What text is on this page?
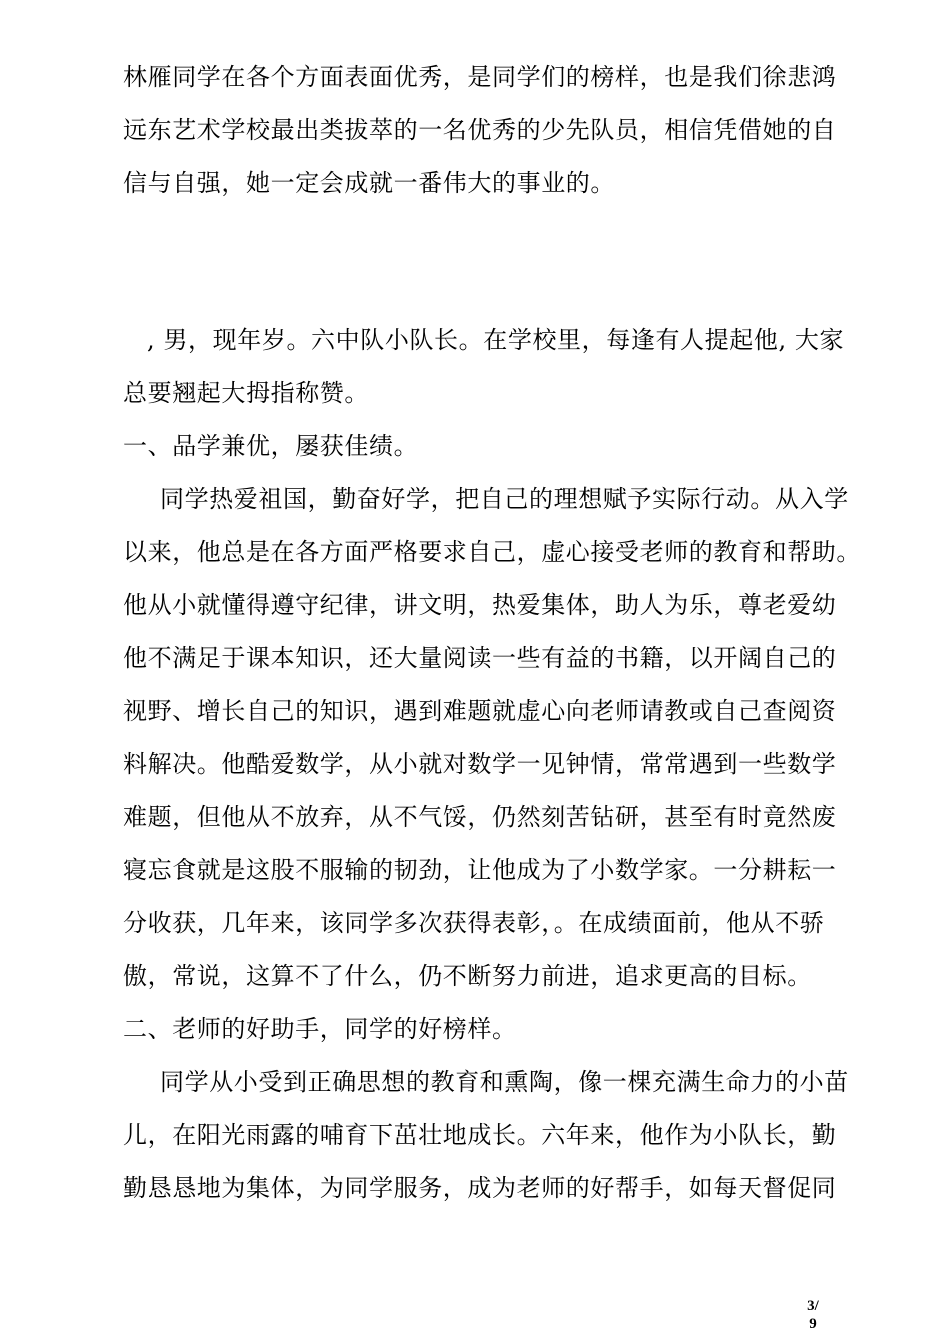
林雁同学在各个方面表面优秀，是同学们的榜样，也是我们徐悲鸿
远东艺术学校最出类拔萃的一名优秀的少先队员，相信凭借她的自
信与自强，她一定会成就一番伟大的事业的。
, 男，现年岁。六中队小队长。在学校里，每逢有人提起他, 大家
总要翘起大拇指称赞。
一、品学兼优，屡获佳绩。
同学热爱祖国，勤奋好学，把自己的理想赋予实际行动。从入学
以来，他总是在各方面严格要求自己，虚心接受老师的教育和帮助。
他从小就懂得遵守纪律，讲文明，热爱集体，助人为乐，尊老爱幼
他不满足于课本知识，还大量阅读一些有益的书籍，以开阔自己的
视野、增长自己的知识，遇到难题就虚心向老师请教或自己查阅资
料解决。他酷爱数学，从小就对数学一见钟情，常常遇到一些数学
难题，但他从不放弃，从不气馁，仍然刻苦钻研，甚至有时竟然废
寝忘食就是这股不服输的韧劲，让他成为了小数学家。一分耕耘一
分收获，几年来，该同学多次获得表彰，。在成绩面前，他从不骄
傲，常说，这算不了什么，仍不断努力前进，追求更高的目标。
二、老师的好助手，同学的好榜样。
同学从小受到正确思想的教育和熏陶，像一棵充满生命力的小苗
儿，在阳光雨露的哺育下茁壮地成长。六年来，他作为小队长，勤
勤恳恳地为集体，为同学服务，成为老师的好帮手，如每天督促同
3/
9
